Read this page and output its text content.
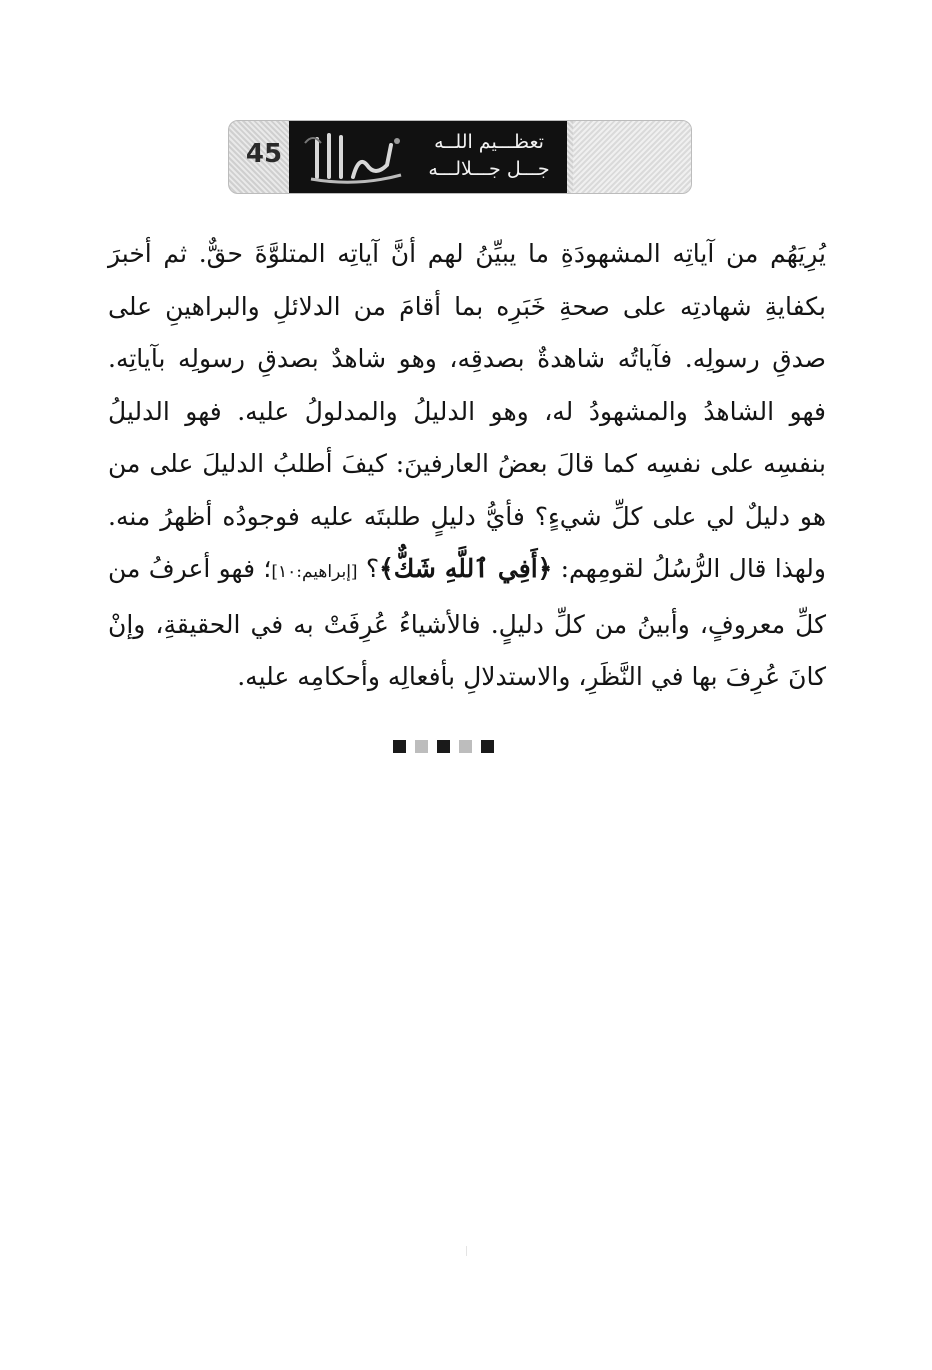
45	تعظـــيم اللــه
جـــل جـــلالـــه
يُرِيَهُم من آياتِه المشهودَةِ ما يبيِّنُ لهم أنَّ آياتِه المتلوَّةَ حقٌّ. ثم أخبرَ بكفايةِ شهادتِه على صحةِ خَبَرِه بما أقامَ من الدلائلِ والبراهينِ على صدقِ رسولِه. فآياتُه شاهدةٌ بصدقِه، وهو شاهدٌ بصدقِ رسولِه بآياتِه. فهو الشاهدُ والمشهودُ له، وهو الدليلُ والمدلولُ عليه. فهو الدليلُ بنفسِه على نفسِه كما قالَ بعضُ العارفينَ: كيفَ أطلبُ الدليلَ على من هو دليلٌ لي على كلِّ شيءٍ؟ فأيُّ دليلٍ طلبتَه عليه فوجودُه أظهرُ منه. ولهذا قال الرُّسُلُ لقومِهم: ﴿أَفِي ٱللَّهِ شَكٌّ﴾؟ [إبراهيم:١٠]؛ فهو أعرفُ من كلِّ معروفٍ، وأبينُ من كلِّ دليلٍ. فالأشياءُ عُرِفَتْ به في الحقيقةِ، وإنْ كانَ عُرِفَ بها في النَّظَرِ، والاستدلالِ بأفعالِه وأحكامِه عليه.
